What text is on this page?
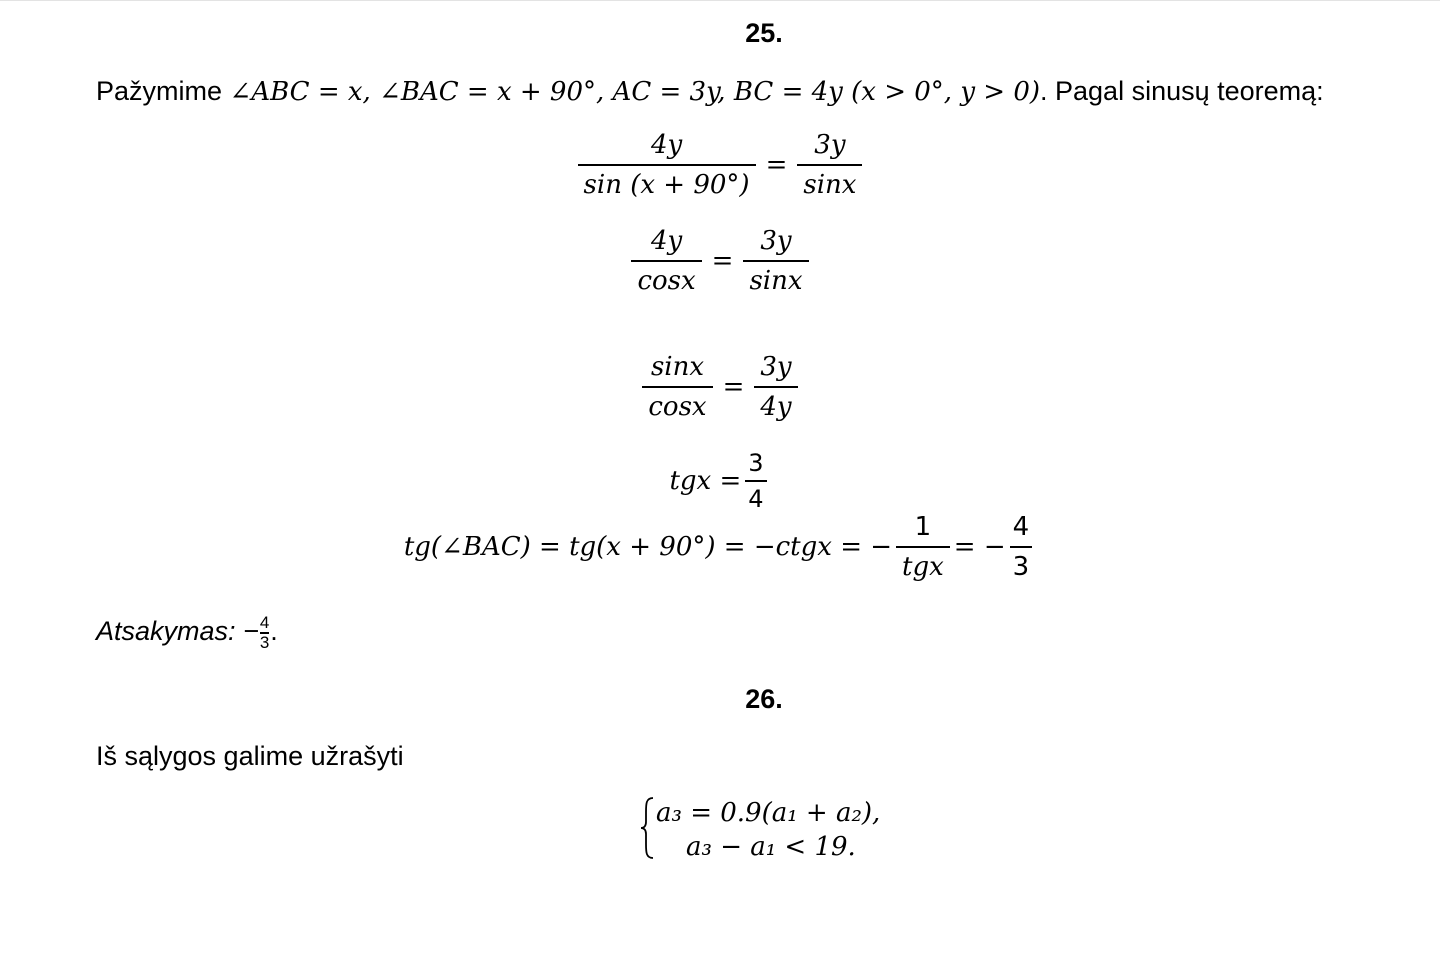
25.
Pažymime ∠ABC = x, ∠BAC = x + 90°, AC = 3y, BC = 4y (x > 0°, y > 0). Pagal sinusų teoremą:
$\frac{4y}{\sin (x + 90^\circ)} = \frac{3y}{\sin x}$
$\frac{4y}{\cos x} = \frac{3y}{\sin x}$
$\frac{\sin x}{\cos x} = \frac{3y}{4y}$
tgx = $\frac{3}{4}$
tg(∠BAC) = tg(x + 90°) = −ctgx = − $\frac{1}{\text{tgx}}$ = − $\frac{4}{3}$
Atsakymas: − $\frac{4}{3}$ .
26.
Iš sąlygos galime užrašyti
a₃ = 0.9(a₁ + a₂),
a₃ − a₁ < 19.
